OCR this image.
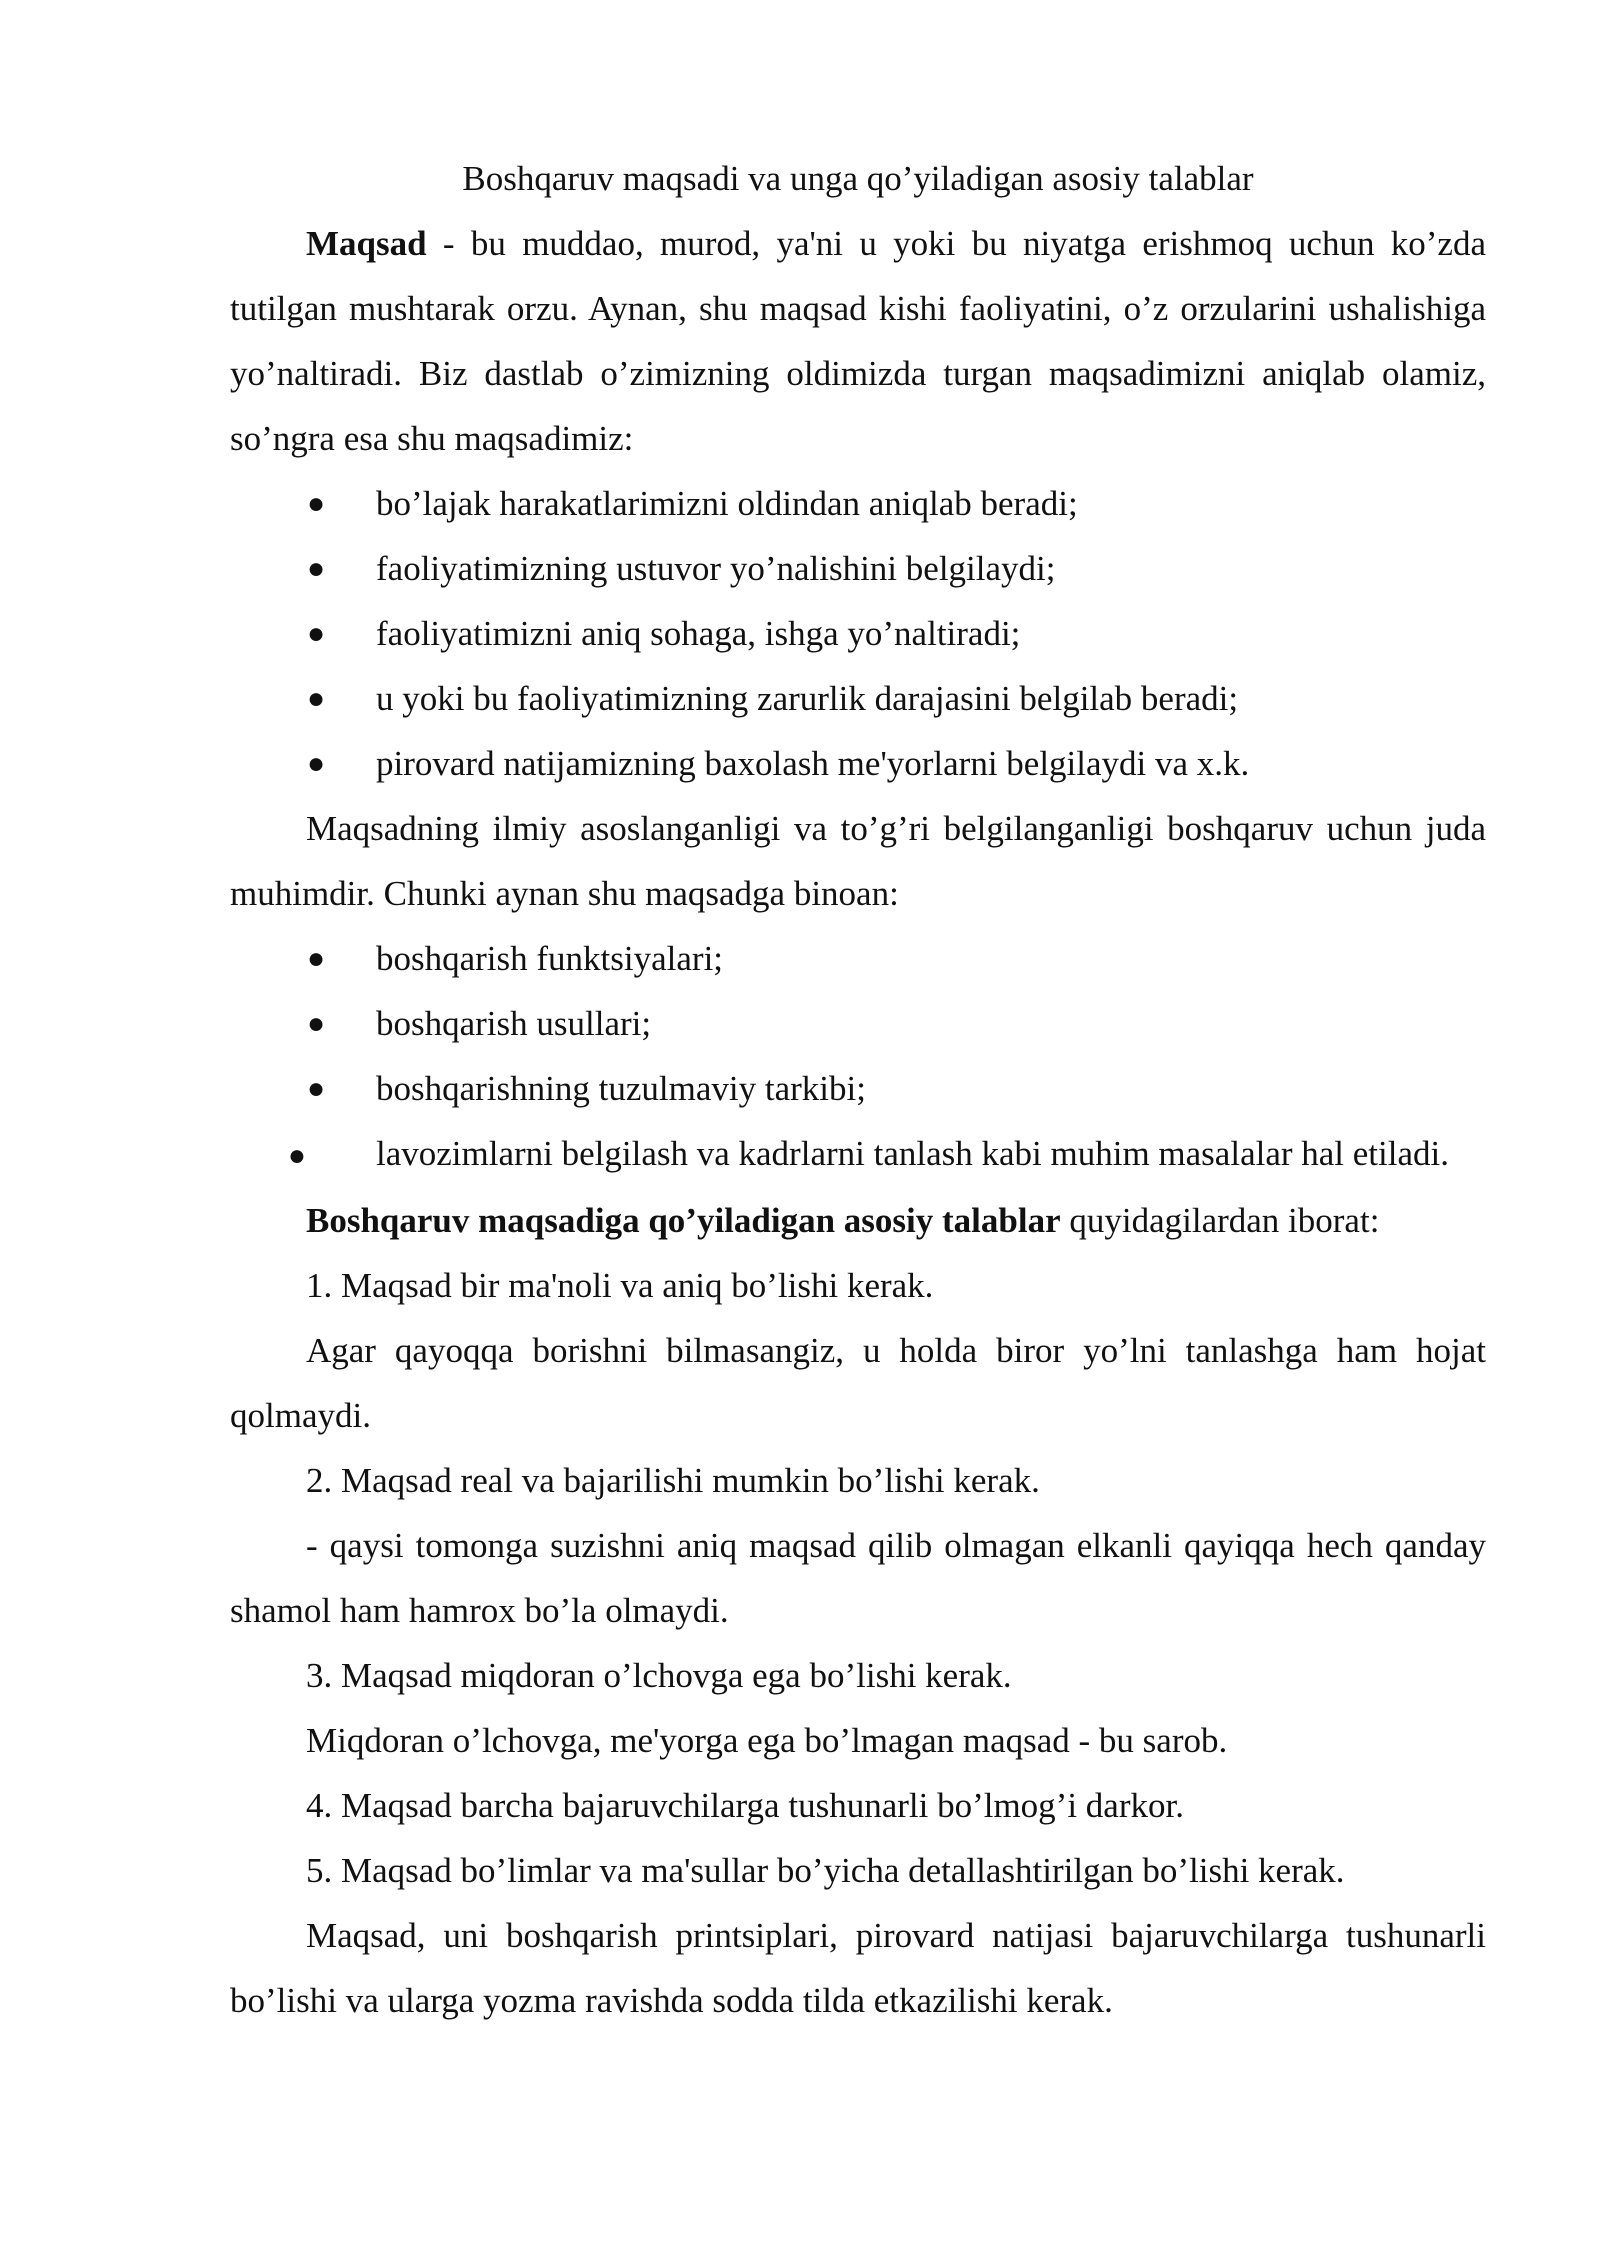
Boshqaruv maqsadi va unga qo’yiladigan asosiy talablar

Maqsad - bu muddao, murod, ya'ni u yoki bu niyatga erishmoq uchun ko’zda tutilgan mushtarak orzu. Aynan, shu maqsad kishi faoliyatini, o’z orzularini ushalishiga yo’naltiradi. Biz dastlab o’zimizning oldimizda turgan maqsadimizni aniqlab olamiz, so’ngra esa shu maqsadimiz:

● bo’lajak harakatlarimizni oldindan aniqlab beradi;
● faoliyatimizning ustuvor yo’nalishini belgilaydi;
● faoliyatimizni aniq sohaga, ishga yo’naltiradi;
● u yoki bu faoliyatimizning zarurlik darajasini belgilab beradi;
● pirovard natijamizning baxolash me'yorlarni belgilaydi va x.k.

Maqsadning ilmiy asoslanganligi va to’g’ri belgilanganligi boshqaruv uchun juda muhimdir. Chunki aynan shu maqsadga binoan:

● boshqarish funktsiyalari;
● boshqarish usullari;
● boshqarishning tuzulmaviy tarkibi;
● lavozimlarni belgilash va kadrlarni tanlash kabi muhim masalalar hal etiladi.

Boshqaruv maqsadiga qo’yiladigan asosiy talablar quyidagilardan iborat:

1. Maqsad bir ma'noli va aniq bo’lishi kerak.

Agar qayoqqa borishni bilmasangiz, u holda biror yo’lni tanlashga ham hojat qolmaydi.

2. Maqsad real va bajarilishi mumkin bo’lishi kerak.

- qaysi tomonga suzishni aniq maqsad qilib olmagan elkanli qayiqqa hech qanday shamol ham hamrox bo’la olmaydi.

3. Maqsad miqdoran o’lchovga ega bo’lishi kerak.

Miqdoran o’lchovga, me'yorga ega bo’lmagan maqsad - bu sarob.

4. Maqsad barcha bajaruvchilarga tushunarli bo’lmog’i darkor.

5. Maqsad bo’limlar va ma'sullar bo’yicha detallashtirilgan bo’lishi kerak.

Maqsad, uni boshqarish printsiplari, pirovard natijasi bajaruvchilarga tushunarli bo’lishi va ularga yozma ravishda sodda tilda etkazilishi kerak.
